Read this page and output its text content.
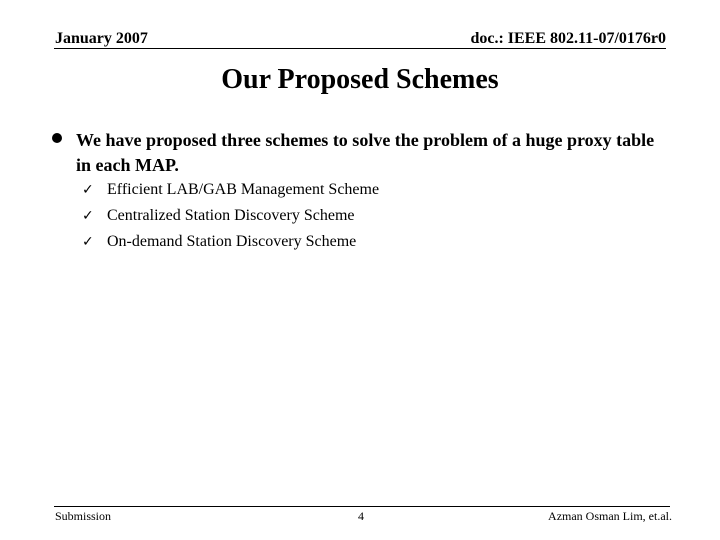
January 2007	doc.: IEEE 802.11-07/0176r0
Our Proposed Schemes
We have proposed three schemes to solve the problem of a huge proxy table in each MAP.
✓ Efficient LAB/GAB Management Scheme
✓ Centralized Station Discovery Scheme
✓ On-demand Station Discovery Scheme
Submission	4	Azman Osman Lim, et.al.
